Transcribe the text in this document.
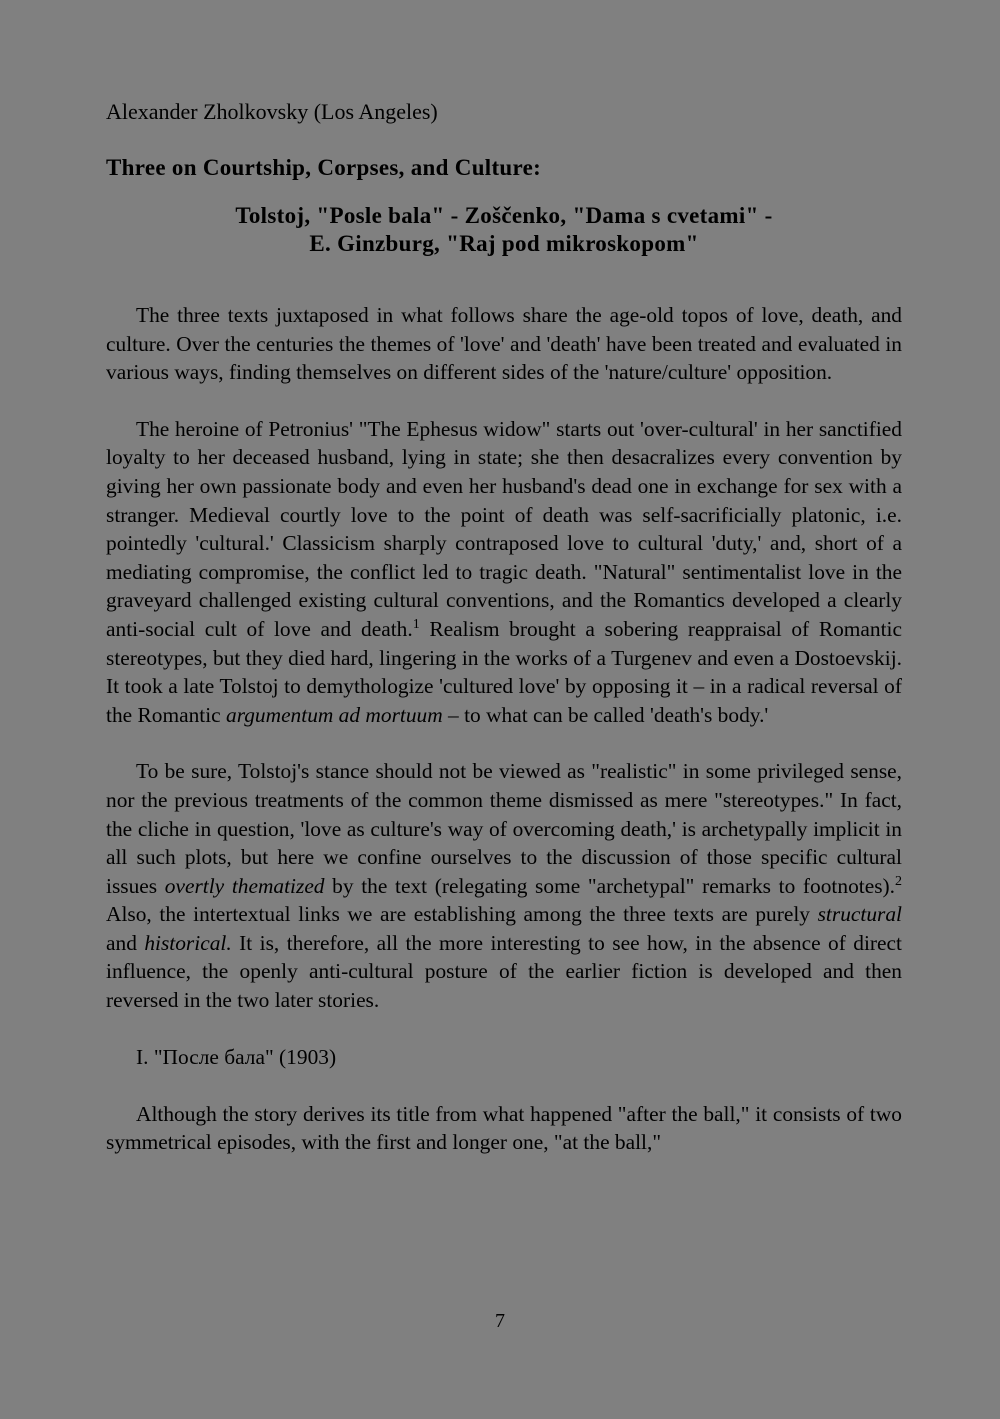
Alexander Zholkovsky (Los Angeles)
Three on Courtship, Corpses, and Culture:
Tolstoj, "Posle bala" - Zoščenko, "Dama s cvetami" -
E. Ginzburg, "Raj pod mikroskopom"

The three texts juxtaposed in what follows share the age-old topos of love, death, and culture. Over the centuries the themes of 'love' and 'death' have been treated and evaluated in various ways, finding themselves on different sides of the 'nature/culture' opposition.

The heroine of Petronius' "The Ephesus widow" starts out 'over-cultural' in her sanctified loyalty to her deceased husband, lying in state; she then desacralizes every convention by giving her own passionate body and even her husband's dead one in exchange for sex with a stranger. Medieval courtly love to the point of death was self-sacrificially platonic, i.e. pointedly 'cultural.' Classicism sharply contraposed love to cultural 'duty,' and, short of a mediating compromise, the conflict led to tragic death. "Natural" sentimentalist love in the graveyard challenged existing cultural conventions, and the Romantics developed a clearly anti-social cult of love and death.$^1$ Realism brought a sobering reappraisal of Romantic stereotypes, but they died hard, lingering in the works of a Turgenev and even a Dostoevskij. It took a late Tolstoj to demythologize 'cultured love' by opposing it – in a radical reversal of the Romantic argumentum ad mortuum – to what can be called 'death's body.'

To be sure, Tolstoj's stance should not be viewed as "realistic" in some privileged sense, nor the previous treatments of the common theme dismissed as mere "stereotypes." In fact, the cliche in question, 'love as culture's way of overcoming death,' is archetypally implicit in all such plots, but here we confine ourselves to the discussion of those specific cultural issues overtly thematized by the text (relegating some "archetypal" remarks to footnotes).$^2$ Also, the intertextual links we are establishing among the three texts are purely structural and historical. It is, therefore, all the more interesting to see how, in the absence of direct influence, the openly anti-cultural posture of the earlier fiction is developed and then reversed in the two later stories.

I. "После бала" (1903)

Although the story derives its title from what happened "after the ball," it consists of two symmetrical episodes, with the first and longer one, "at the ball,"

7
